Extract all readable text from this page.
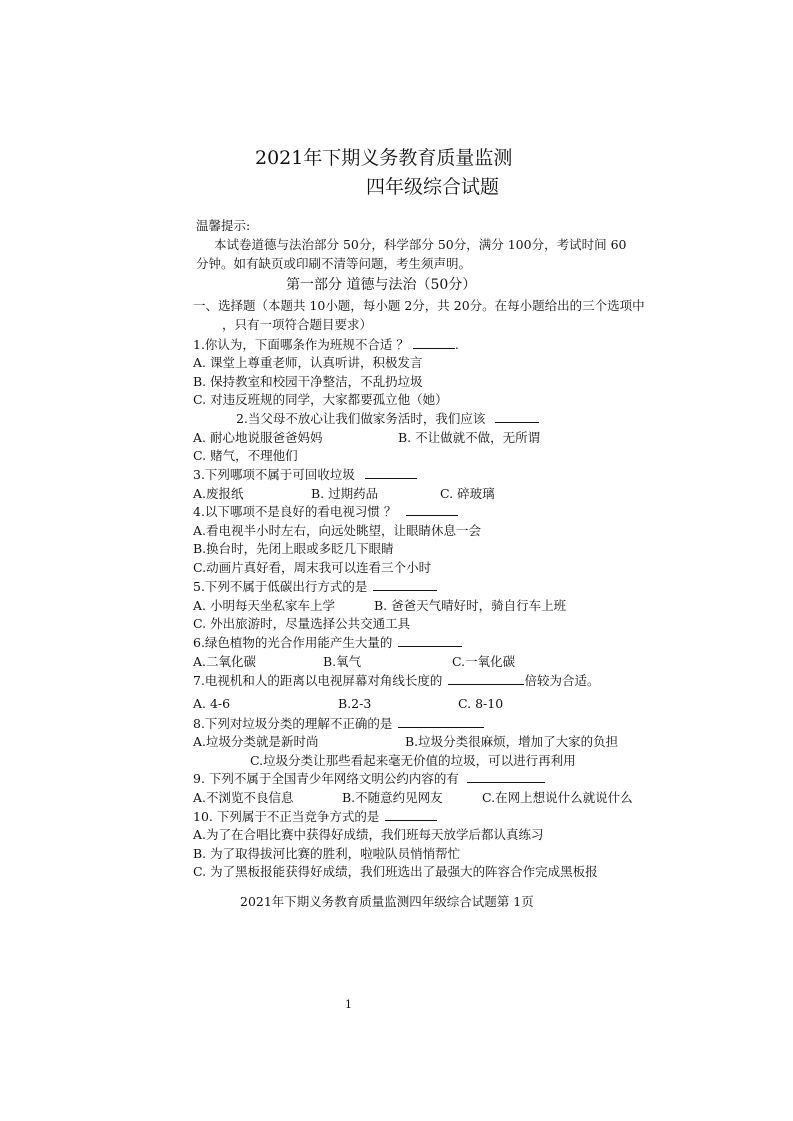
2021年下期义务教育质量监测
四年级综合试题
温馨提示:
本试卷道德与法治部分 50分，科学部分 50分，满分 100分，考试时间 60
分钟。如有缺页或印刷不清等问题，考生须声明。
第一部分 道德与法治（50分）
一、选择题（本题共 10小题，每小题 2分，共 20分。在每小题给出的三个选项中
，只有一项符合题目要求）
1.你认为，下面哪条作为班规不合适 ？	.
A. 课堂上尊重老师，认真听讲，积极发言
B. 保持教室和校园干净整洁，不乱扔垃圾
C. 对违反班规的同学，大家都要孤立他（她）
2.当父母不放心让我们做家务活时，我们应该
A. 耐心地说服爸爸妈妈	B. 不让做就不做，无所谓
C. 赌气，不理他们
3.下列哪项不属于可回收垃圾
A.废报纸	B. 过期药品	C. 碎玻璃
4.以下哪项不是良好的看电视习惯 ？
A.看电视半小时左右，向远处眺望，让眼睛休息一会
B.换台时，先闭上眼或多眨几下眼睛
C.动画片真好看，周末我可以连看三个小时
5.下列不属于低碳出行方式的是
A. 小明每天坐私家车上学	B. 爸爸天气晴好时，骑自行车上班
C. 外出旅游时，尽量选择公共交通工具
6.绿色植物的光合作用能产生大量的
A.二氧化碳	B.氧气	C.一氧化碳
7.电视机和人的距离以电视屏幕对角线长度的	倍较为合适。
A. 4-6	B.2-3	C. 8-10
8.下列对垃圾分类的理解不正确的是
A.垃圾分类就是新时尚	B.垃圾分类很麻烦，增加了大家的负担
C.垃圾分类让那些看起来毫无价值的垃圾，可以进行再利用
9. 下列不属于全国青少年网络文明公约内容的有
A.不浏览不良信息	B.不随意约见网友	C.在网上想说什么就说什么
10. 下列属于不正当竞争方式的是
A.为了在合唱比赛中获得好成绩，我们班每天放学后都认真练习
B. 为了取得拔河比赛的胜利，啦啦队员悄悄帮忙
C. 为了黑板报能获得好成绩，我们班选出了最强大的阵容合作完成黑板报
2021年下期义务教育质量监测四年级综合试题第 1页
1
